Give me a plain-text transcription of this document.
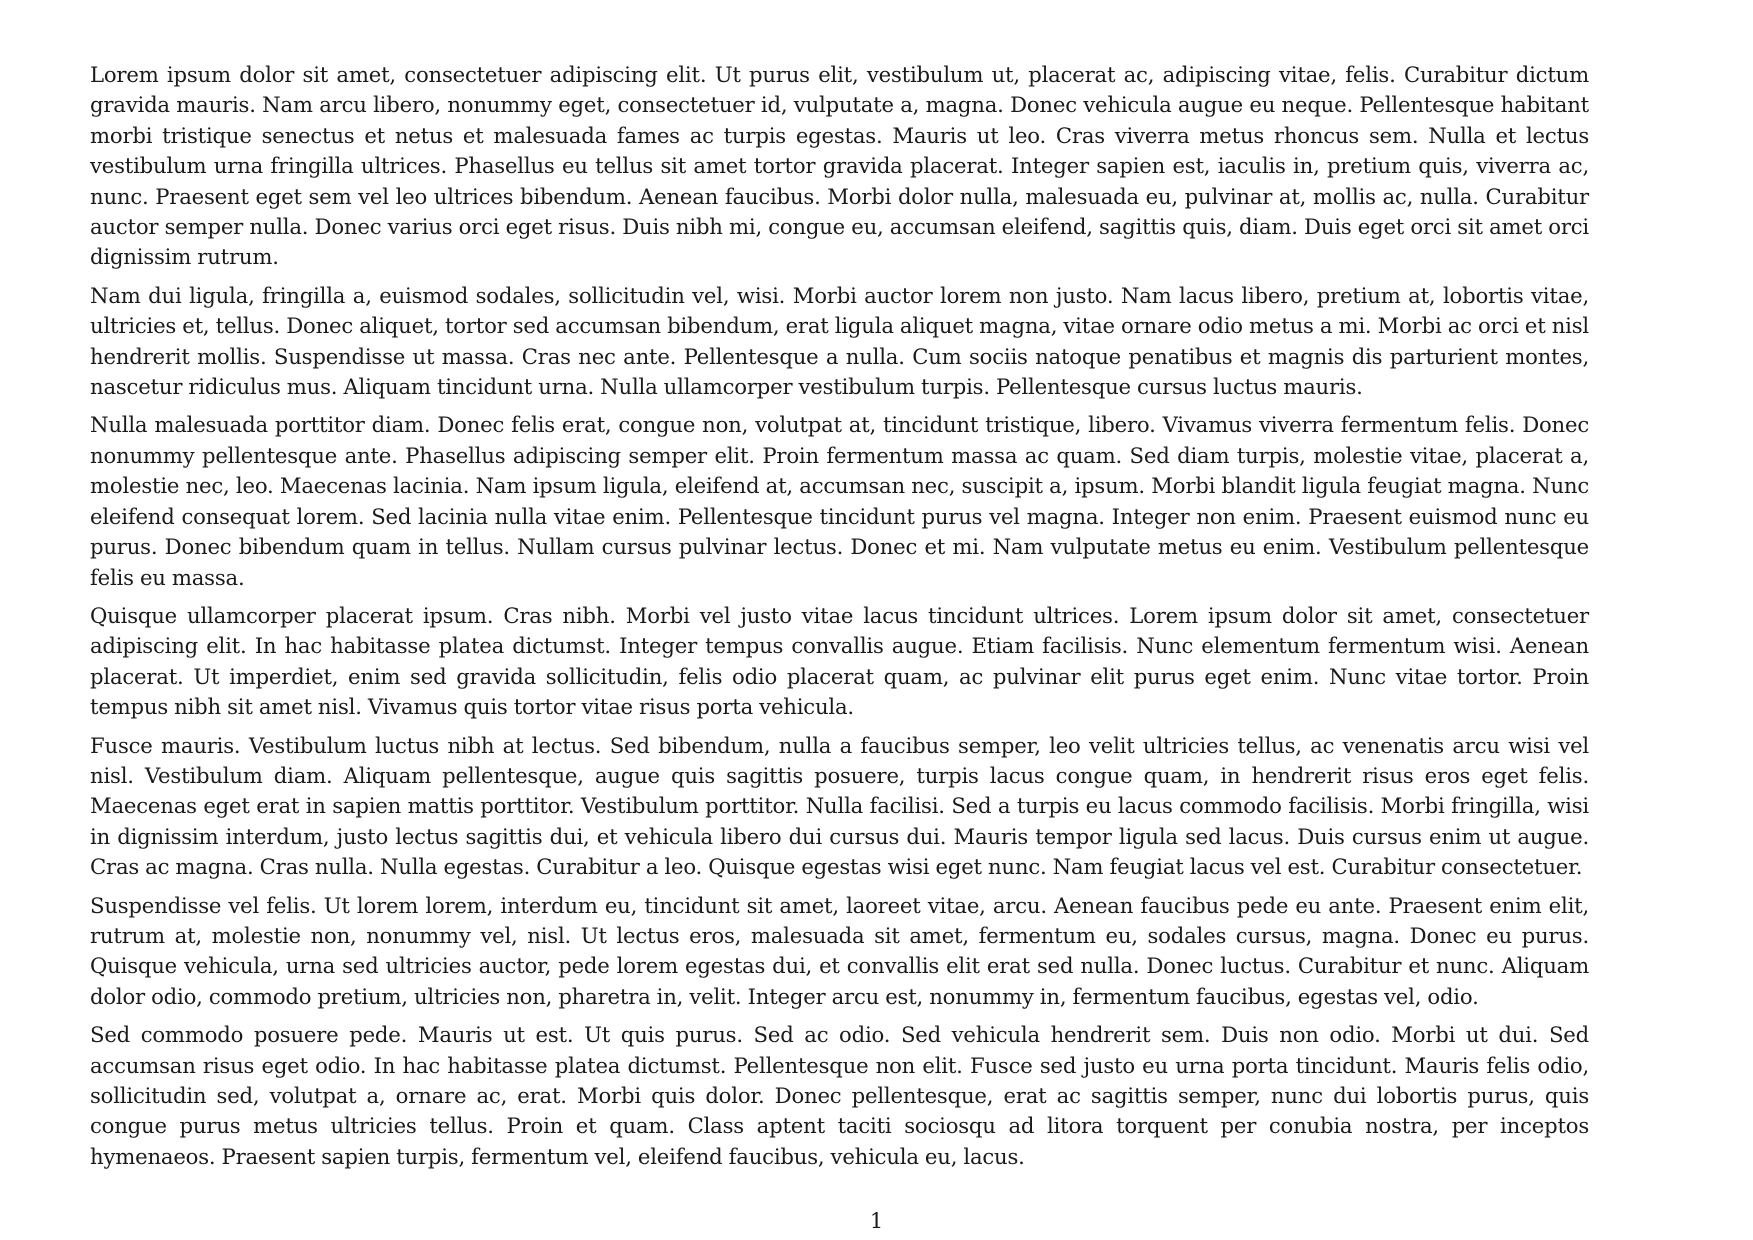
Lorem ipsum dolor sit amet, consectetuer adipiscing elit. Ut purus elit, vestibulum ut, placerat ac, adipiscing vitae, felis. Curabitur dictum gravida mauris. Nam arcu libero, nonummy eget, consectetuer id, vulputate a, magna. Donec vehicula augue eu neque. Pellentesque habitant morbi tristique senectus et netus et malesuada fames ac turpis egestas. Mauris ut leo. Cras viverra metus rhoncus sem. Nulla et lectus vestibulum urna fringilla ultrices. Phasellus eu tellus sit amet tortor gravida placerat. Integer sapien est, iaculis in, pretium quis, viverra ac, nunc. Praesent eget sem vel leo ultrices bibendum. Aenean faucibus. Morbi dolor nulla, malesuada eu, pulvinar at, mollis ac, nulla. Curabitur auctor semper nulla. Donec varius orci eget risus. Duis nibh mi, congue eu, accumsan eleifend, sagittis quis, diam. Duis eget orci sit amet orci dignissim rutrum.

Nam dui ligula, fringilla a, euismod sodales, sollicitudin vel, wisi. Morbi auctor lorem non justo. Nam lacus libero, pretium at, lobortis vitae, ultricies et, tellus. Donec aliquet, tortor sed accumsan bibendum, erat ligula aliquet magna, vitae ornare odio metus a mi. Morbi ac orci et nisl hendrerit mollis. Suspendisse ut massa. Cras nec ante. Pellentesque a nulla. Cum sociis natoque penatibus et magnis dis parturient montes, nascetur ridiculus mus. Aliquam tincidunt urna. Nulla ullamcorper vestibulum turpis. Pellentesque cursus luctus mauris.

Nulla malesuada porttitor diam. Donec felis erat, congue non, volutpat at, tincidunt tristique, libero. Vivamus viverra fermentum felis. Donec nonummy pellentesque ante. Phasellus adipiscing semper elit. Proin fermentum massa ac quam. Sed diam turpis, molestie vitae, placerat a, molestie nec, leo. Maecenas lacinia. Nam ipsum ligula, eleifend at, accumsan nec, suscipit a, ipsum. Morbi blandit ligula feugiat magna. Nunc eleifend consequat lorem. Sed lacinia nulla vitae enim. Pellentesque tincidunt purus vel magna. Integer non enim. Praesent euismod nunc eu purus. Donec bibendum quam in tellus. Nullam cursus pulvinar lectus. Donec et mi. Nam vulputate metus eu enim. Vestibulum pellentesque felis eu massa.

Quisque ullamcorper placerat ipsum. Cras nibh. Morbi vel justo vitae lacus tincidunt ultrices. Lorem ipsum dolor sit amet, consectetuer adipiscing elit. In hac habitasse platea dictumst. Integer tempus convallis augue. Etiam facilisis. Nunc elementum fermentum wisi. Aenean placerat. Ut imperdiet, enim sed gravida sollicitudin, felis odio placerat quam, ac pulvinar elit purus eget enim. Nunc vitae tortor. Proin tempus nibh sit amet nisl. Vivamus quis tortor vitae risus porta vehicula.

Fusce mauris. Vestibulum luctus nibh at lectus. Sed bibendum, nulla a faucibus semper, leo velit ultricies tellus, ac venenatis arcu wisi vel nisl. Vestibulum diam. Aliquam pellentesque, augue quis sagittis posuere, turpis lacus congue quam, in hendrerit risus eros eget felis. Maecenas eget erat in sapien mattis porttitor. Vestibulum porttitor. Nulla facilisi. Sed a turpis eu lacus commodo facilisis. Morbi fringilla, wisi in dignissim interdum, justo lectus sagittis dui, et vehicula libero dui cursus dui. Mauris tempor ligula sed lacus. Duis cursus enim ut augue. Cras ac magna. Cras nulla. Nulla egestas. Curabitur a leo. Quisque egestas wisi eget nunc. Nam feugiat lacus vel est. Curabitur consectetuer.

Suspendisse vel felis. Ut lorem lorem, interdum eu, tincidunt sit amet, laoreet vitae, arcu. Aenean faucibus pede eu ante. Praesent enim elit, rutrum at, molestie non, nonummy vel, nisl. Ut lectus eros, malesuada sit amet, fermentum eu, sodales cursus, magna. Donec eu purus. Quisque vehicula, urna sed ultricies auctor, pede lorem egestas dui, et convallis elit erat sed nulla. Donec luctus. Curabitur et nunc. Aliquam dolor odio, commodo pretium, ultricies non, pharetra in, velit. Integer arcu est, nonummy in, fermentum faucibus, egestas vel, odio.

Sed commodo posuere pede. Mauris ut est. Ut quis purus. Sed ac odio. Sed vehicula hendrerit sem. Duis non odio. Morbi ut dui. Sed accumsan risus eget odio. In hac habitasse platea dictumst. Pellentesque non elit. Fusce sed justo eu urna porta tincidunt. Mauris felis odio, sollicitudin sed, volutpat a, ornare ac, erat. Morbi quis dolor. Donec pellentesque, erat ac sagittis semper, nunc dui lobortis purus, quis congue purus metus ultricies tellus. Proin et quam. Class aptent taciti sociosqu ad litora torquent per conubia nostra, per inceptos hymenaeos. Praesent sapien turpis, fermentum vel, eleifend faucibus, vehicula eu, lacus.

1
